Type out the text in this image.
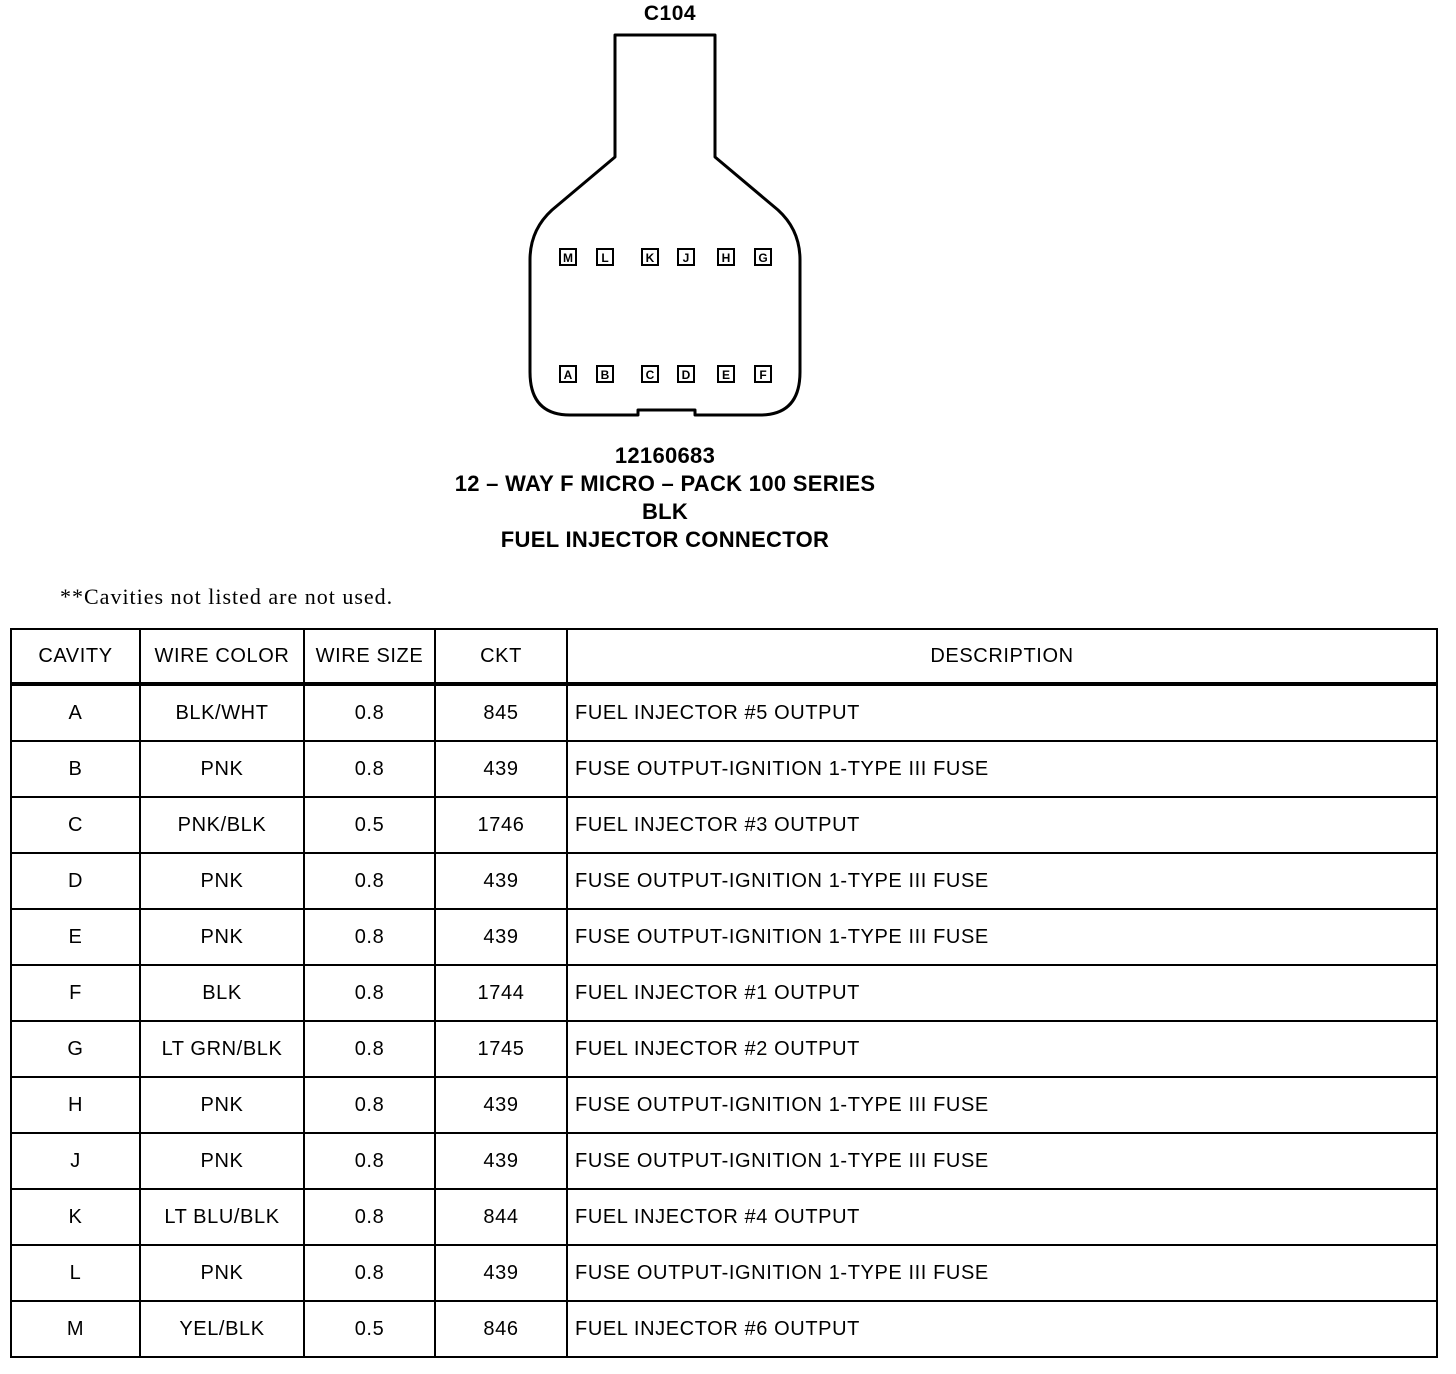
C104
M L	K J	H G
A B	C D	E F
12160683
12 – WAY F MICRO – PACK 100 SERIES
BLK
FUEL INJECTOR CONNECTOR
**Cavities not listed are not used.
CAVITY	WIRE COLOR	WIRE SIZE	CKT	DESCRIPTION
A	BLK/WHT	0.8	845	FUEL INJECTOR #5 OUTPUT
B	PNK	0.8	439	FUSE OUTPUT-IGNITION 1-TYPE III FUSE
C	PNK/BLK	0.5	1746	FUEL INJECTOR #3 OUTPUT
D	PNK	0.8	439	FUSE OUTPUT-IGNITION 1-TYPE III FUSE
E	PNK	0.8	439	FUSE OUTPUT-IGNITION 1-TYPE III FUSE
F	BLK	0.8	1744	FUEL INJECTOR #1 OUTPUT
G	LT GRN/BLK	0.8	1745	FUEL INJECTOR #2 OUTPUT
H	PNK	0.8	439	FUSE OUTPUT-IGNITION 1-TYPE III FUSE
J	PNK	0.8	439	FUSE OUTPUT-IGNITION 1-TYPE III FUSE
K	LT BLU/BLK	0.8	844	FUEL INJECTOR #4 OUTPUT
L	PNK	0.8	439	FUSE OUTPUT-IGNITION 1-TYPE III FUSE
M	YEL/BLK	0.5	846	FUEL INJECTOR #6 OUTPUT
